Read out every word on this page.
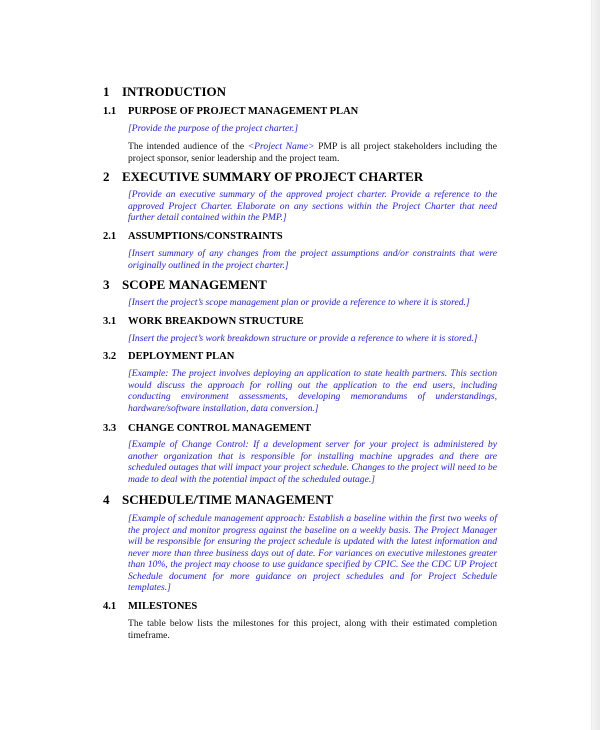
1 INTRODUCTION
1.1 PURPOSE OF PROJECT MANAGEMENT PLAN
[Provide the purpose of the project charter.]
The intended audience of the <Project Name> PMP is all project stakeholders including the project sponsor, senior leadership and the project team.
2 EXECUTIVE SUMMARY OF PROJECT CHARTER
[Provide an executive summary of the approved project charter. Provide a reference to the approved Project Charter. Elaborate on any sections within the Project Charter that need further detail contained within the PMP.]
2.1 ASSUMPTIONS/CONSTRAINTS
[Insert summary of any changes from the project assumptions and/or constraints that were originally outlined in the project charter.]
3 SCOPE MANAGEMENT
[Insert the project’s scope management plan or provide a reference to where it is stored.]
3.1 WORK BREAKDOWN STRUCTURE
[Insert the project’s work breakdown structure or provide a reference to where it is stored.]
3.2 DEPLOYMENT PLAN
[Example: The project involves deploying an application to state health partners. This section would discuss the approach for rolling out the application to the end users, including conducting environment assessments, developing memorandums of understandings, hardware/software installation, data conversion.]
3.3 CHANGE CONTROL MANAGEMENT
[Example of Change Control: If a development server for your project is administered by another organization that is responsible for installing machine upgrades and there are scheduled outages that will impact your project schedule. Changes to the project will need to be made to deal with the potential impact of the scheduled outage.]
4 SCHEDULE/TIME MANAGEMENT
[Example of schedule management approach: Establish a baseline within the first two weeks of the project and monitor progress against the baseline on a weekly basis. The Project Manager will be responsible for ensuring the project schedule is updated with the latest information and never more than three business days out of date. For variances on executive milestones greater than 10%, the project may choose to use guidance specified by CPIC. See the CDC UP Project Schedule document for more guidance on project schedules and for Project Schedule templates.]
4.1 MILESTONES
The table below lists the milestones for this project, along with their estimated completion timeframe.
